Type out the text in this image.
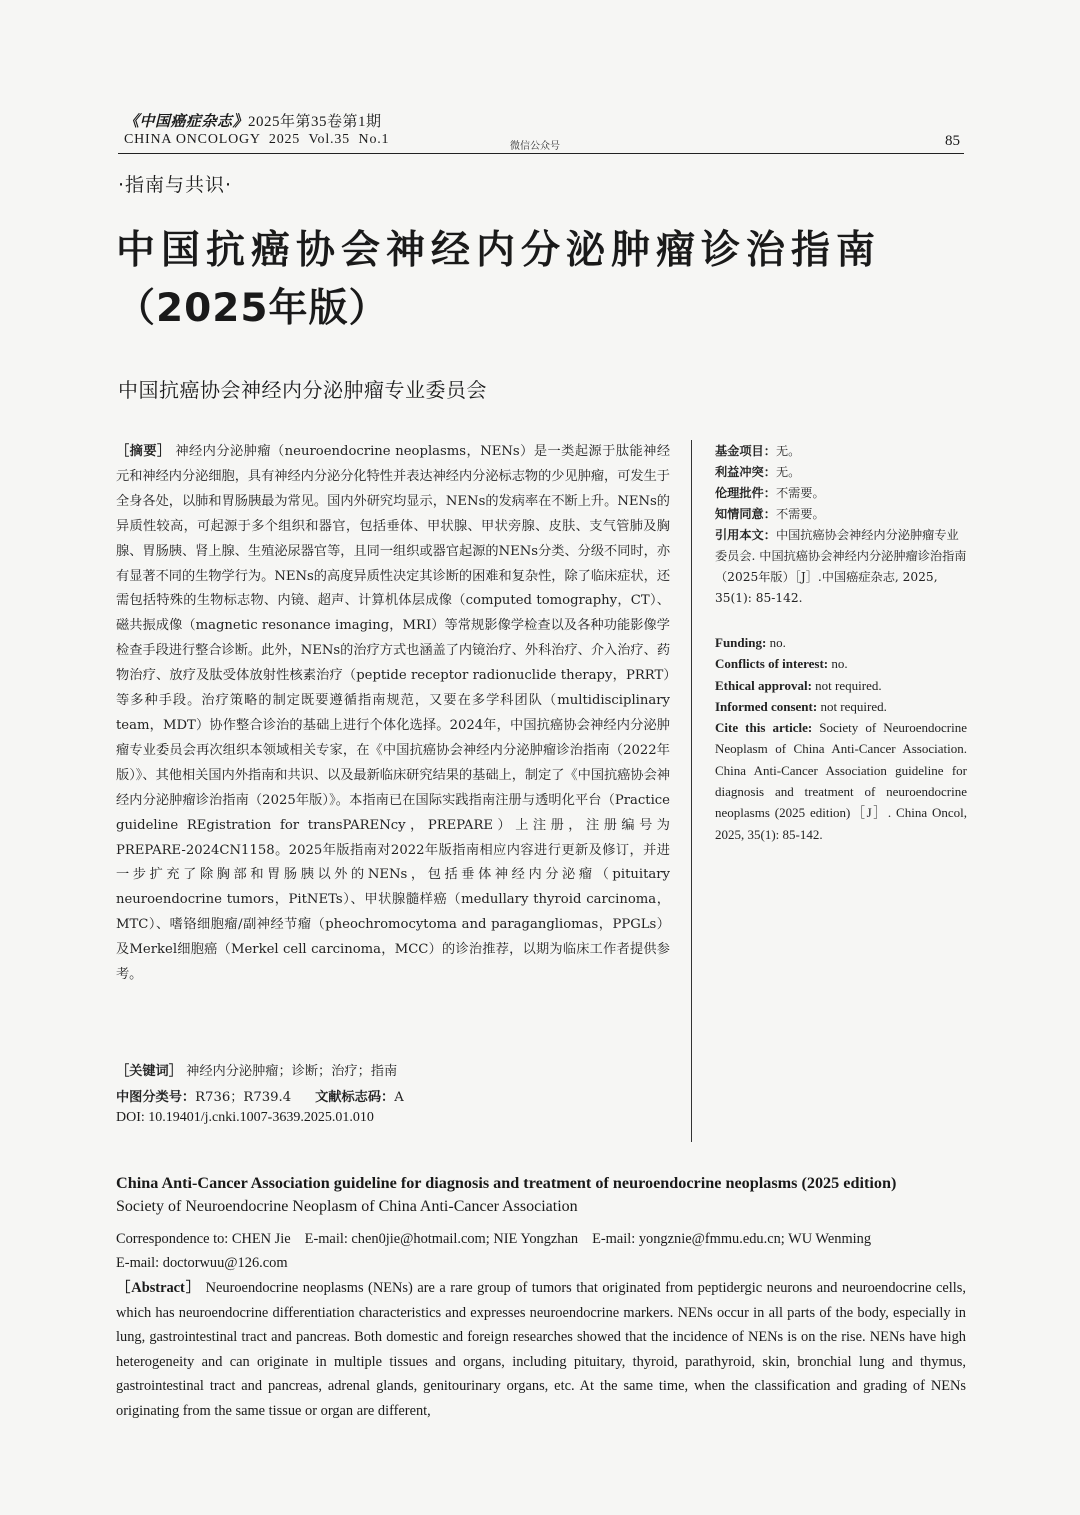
《中国癌症杂志》2025年第35卷第1期
CHINA ONCOLOGY  2025  Vol.35  No.1	微信公众号	85
·指南与共识·
中国抗癌协会神经内分泌肿瘤诊治指南
（2025年版）
中国抗癌协会神经内分泌肿瘤专业委员会
［摘要］ 神经内分泌肿瘤（neuroendocrine neoplasms，NENs）是一类起源于肽能神经元和神经内分泌细胞，具有神经内分泌分化特性并表达神经内分泌标志物的少见肿瘤，可发生于全身各处，以肺和胃肠胰最为常见。国内外研究均显示，NENs的发病率在不断上升。NENs的异质性较高，可起源于多个组织和器官，包括垂体、甲状腺、甲状旁腺、皮肤、支气管肺及胸腺、胃肠胰、肾上腺、生殖泌尿器官等，且同一组织或器官起源的NENs分类、分级不同时，亦有显著不同的生物学行为。NENs的高度异质性决定其诊断的困难和复杂性，除了临床症状，还需包括特殊的生物标志物、内镜、超声、计算机体层成像（computed tomography，CT）、磁共振成像（magnetic resonance imaging，MRI）等常规影像学检查以及各种功能影像学检查手段进行整合诊断。此外，NENs的治疗方式也涵盖了内镜治疗、外科治疗、介入治疗、药物治疗、放疗及肽受体放射性核素治疗（peptide receptor radionuclide therapy，PRRT）等多种手段。治疗策略的制定既要遵循指南规范，又要在多学科团队（multidisciplinary team，MDT）协作整合诊治的基础上进行个体化选择。2024年，中国抗癌协会神经内分泌肿瘤专业委员会再次组织本领域相关专家，在《中国抗癌协会神经内分泌肿瘤诊治指南（2022年版）》、其他相关国内外指南和共识、以及最新临床研究结果的基础上，制定了《中国抗癌协会神经内分泌肿瘤诊治指南（2025年版）》。本指南已在国际实践指南注册与透明化平台（Practice guideline REgistration for transPARENcy，PREPARE）上注册，注册编号为PREPARE-2024CN1158。2025年版指南对2022年版指南相应内容进行更新及修订，并进一步扩充了除胸部和胃肠胰以外的NENs，包括垂体神经内分泌瘤（pituitary neuroendocrine tumors，PitNETs）、甲状腺髓样癌（medullary thyroid carcinoma，MTC）、嗜铬细胞瘤/副神经节瘤（pheochromocytoma and paragangliomas，PPGLs）及Merkel细胞癌（Merkel cell carcinoma，MCC）的诊治推荐，以期为临床工作者提供参考。
［关键词］ 神经内分泌肿瘤；诊断；治疗；指南
中图分类号：R736；R739.4 文献标志码：A
DOI: 10.19401/j.cnki.1007-3639.2025.01.010

基金项目：无。

利益冲突：无。

伦理批件：不需要。

知情同意：不需要。

引用本文：中国抗癌协会神经内分泌肿瘤专业委员会. 中国抗癌协会神经内分泌肿瘤诊治指南（2025年版）［J］.中国癌症杂志, 2025, 35(1): 85-142.

Funding: no.

Conflicts of interest: no.

Ethical approval: not required.

Informed consent: not required.

Cite this article: Society of Neuroendocrine Neoplasm of China Anti-Cancer Association. China Anti-Cancer Association guideline for diagnosis and treatment of neuroendocrine neoplasms (2025 edition)［J］. China Oncol, 2025, 35(1): 85-142.

China Anti-Cancer Association guideline for diagnosis and treatment of neuroendocrine neoplasms (2025 edition)
Society of Neuroendocrine Neoplasm of China Anti-Cancer Association
Correspondence to: CHEN Jie E-mail: chen0jie@hotmail.com; NIE Yongzhan E-mail: yongznie@fmmu.edu.cn; WU Wenming
E-mail: doctorwuu@126.com
［Abstract］ Neuroendocrine neoplasms (NENs) are a rare group of tumors that originated from peptidergic neurons and neuroendocrine cells, which has neuroendocrine differentiation characteristics and expresses neuroendocrine markers. NENs occur in all parts of the body, especially in lung, gastrointestinal tract and pancreas. Both domestic and foreign researches showed that the incidence of NENs is on the rise. NENs have high heterogeneity and can originate in multiple tissues and organs, including pituitary, thyroid, parathyroid, skin, bronchial lung and thymus, gastrointestinal tract and pancreas, adrenal glands, genitourinary organs, etc. At the same time, when the classification and grading of NENs originating from the same tissue or organ are different,
